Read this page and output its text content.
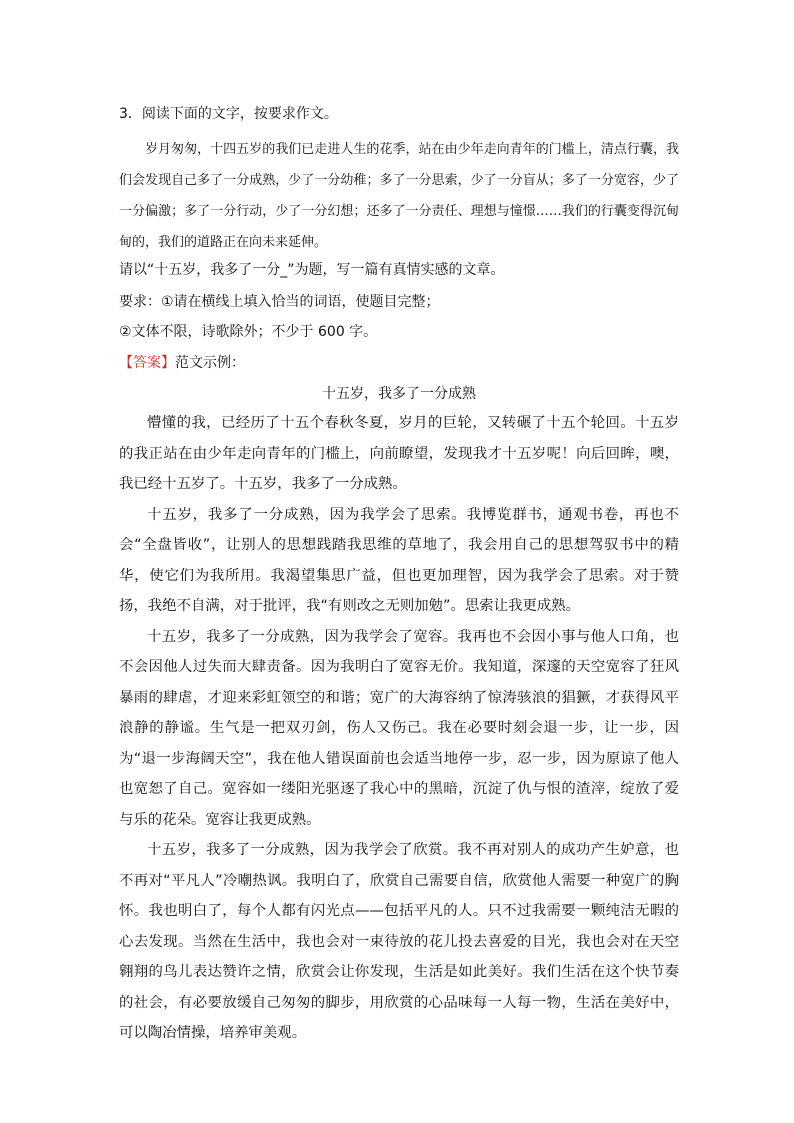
3．阅读下面的文字，按要求作文。
岁月匆匆，十四五岁的我们已走进人生的花季，站在由少年走向青年的门槛上，清点行囊，我们会发现自己多了一分成熟，少了一分幼稚；多了一分思索，少了一分盲从；多了一分宽容，少了一分偏激；多了一分行动，少了一分幻想；还多了一分责任、理想与憧憬……我们的行囊变得沉甸甸的，我们的道路正在向未来延伸。
请以“十五岁，我多了一分_”为题，写一篇有真情实感的文章。
要求：①请在横线上填入恰当的词语，使题目完整；
②文体不限，诗歌除外；不少于 600 字。
【答案】范文示例：
十五岁，我多了一分成熟

懵懂的我，已经历了十五个春秋冬夏，岁月的巨轮，又转碾了十五个轮回。十五岁的我正站在由少年走向青年的门槛上，向前瞭望，发现我才十五岁呢！向后回眸，噢，我已经十五岁了。十五岁，我多了一分成熟。

十五岁，我多了一分成熟，因为我学会了思索。我博览群书，通观书卷，再也不会“全盘皆收”，让别人的思想践踏我思维的草地了，我会用自己的思想驾驭书中的精华，使它们为我所用。我渴望集思广益，但也更加理智，因为我学会了思索。对于赞扬，我绝不自满，对于批评，我“有则改之无则加勉”。思索让我更成熟。

十五岁，我多了一分成熟，因为我学会了宽容。我再也不会因小事与他人口角，也不会因他人过失而大肆责备。因为我明白了宽容无价。我知道，深邃的天空宽容了狂风暴雨的肆虐，才迎来彩虹领空的和谐；宽广的大海容纳了惊涛骇浪的猖獗，才获得风平浪静的静谧。生气是一把双刃剑，伤人又伤己。我在必要时刻会退一步，让一步，因为“退一步海阔天空”，我在他人错误面前也会适当地停一步，忍一步，因为原谅了他人也宽恕了自己。宽容如一缕阳光驱逐了我心中的黑暗，沉淀了仇与恨的渣滓，绽放了爱与乐的花朵。宽容让我更成熟。

十五岁，我多了一分成熟，因为我学会了欣赏。我不再对别人的成功产生妒意，也不再对“平凡人”冷嘲热讽。我明白了，欣赏自己需要自信，欣赏他人需要一种宽广的胸怀。我也明白了，每个人都有闪光点——包括平凡的人。只不过我需要一颗纯洁无暇的心去发现。当然在生活中，我也会对一束待放的花儿投去喜爱的目光，我也会对在天空翱翔的鸟儿表达赞许之情，欣赏会让你发现，生活是如此美好。我们生活在这个快节奏的社会，有必要放缓自己匆匆的脚步，用欣赏的心品味每一人每一物，生活在美好中，可以陶冶情操，培养审美观。
